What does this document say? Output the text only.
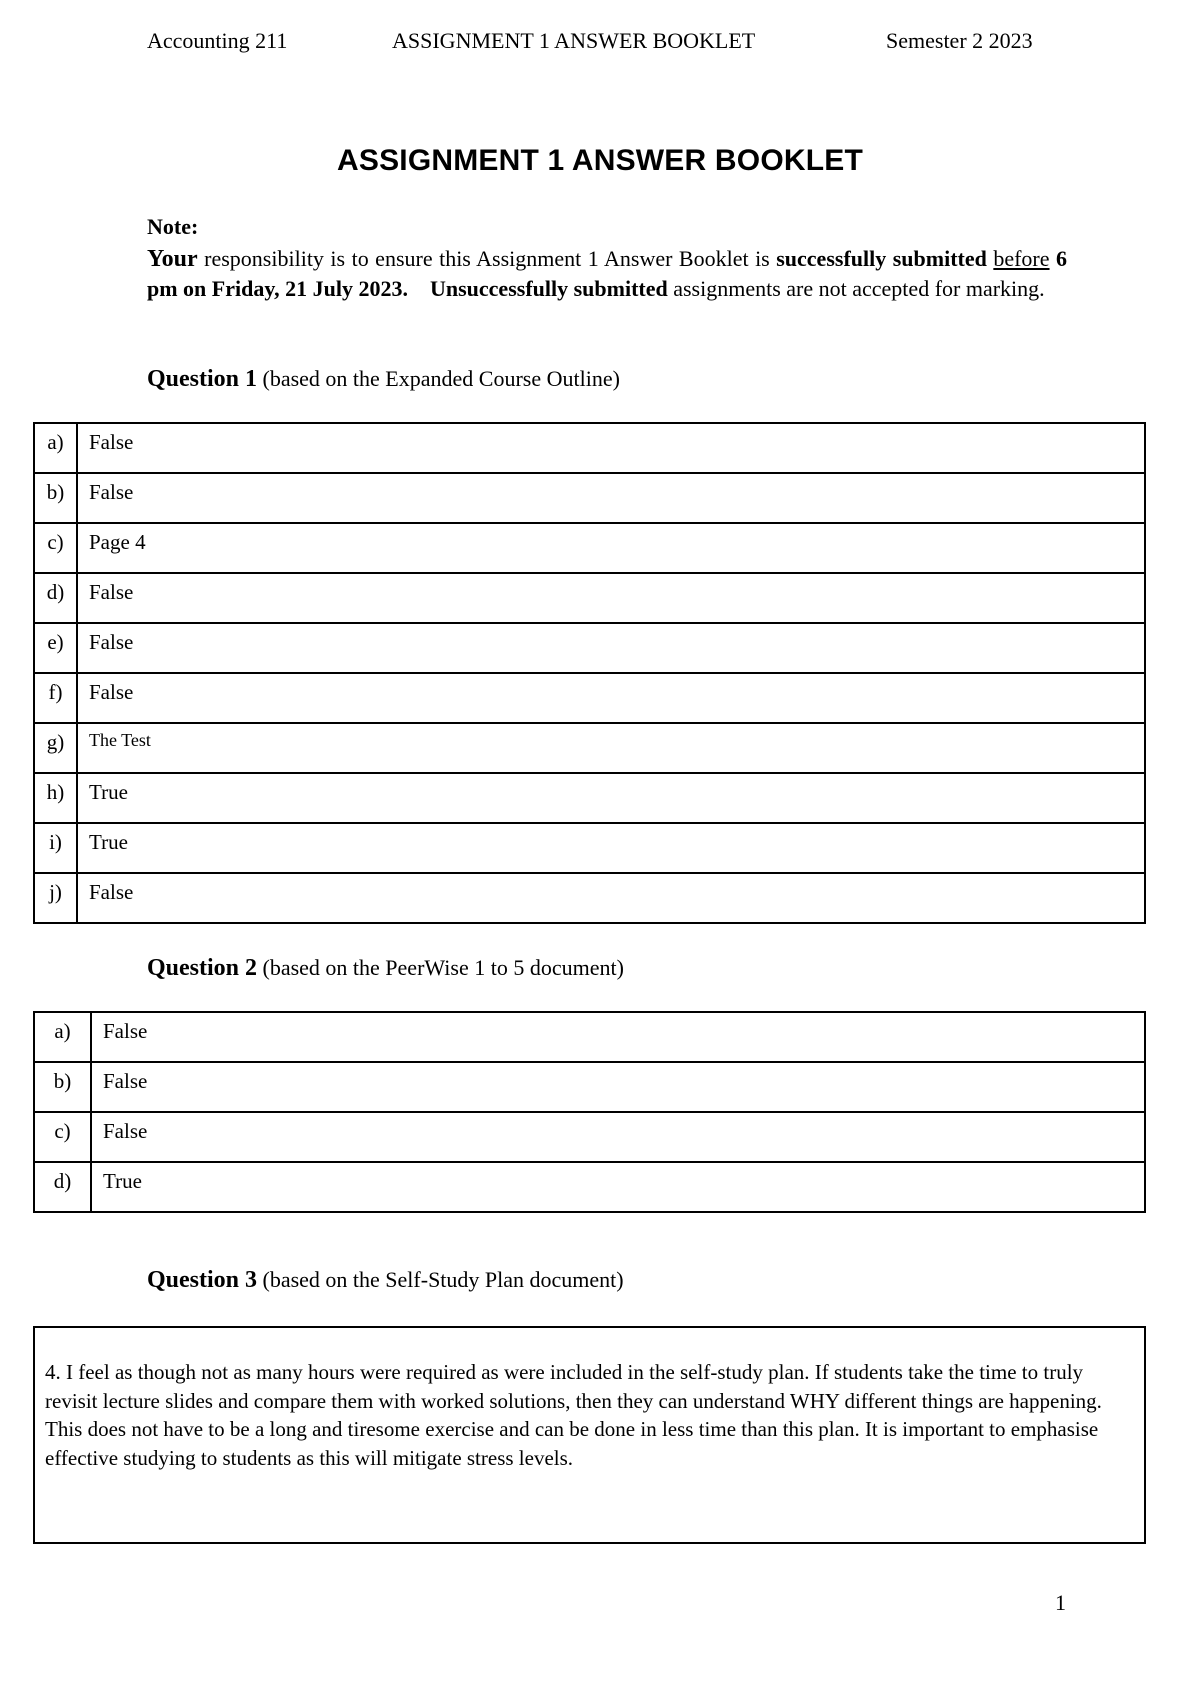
Accounting 211	ASSIGNMENT 1 ANSWER BOOKLET	Semester 2 2023
ASSIGNMENT 1 ANSWER BOOKLET
Note:
Your responsibility is to ensure this Assignment 1 Answer Booklet is successfully submitted before 6 pm on Friday, 21 July 2023. Unsuccessfully submitted assignments are not accepted for marking.
Question 1 (based on the Expanded Course Outline)
a)	False
b)	False
c)	Page 4
d)	False
e)	False
f)	False
g)	The Test
h)	True
i)	True
j)	False
Question 2 (based on the PeerWise 1 to 5 document)
a)	False
b)	False
c)	False
d)	True
Question 3 (based on the Self-Study Plan document)
4. I feel as though not as many hours were required as were included in the self-study plan. If students take the time to truly revisit lecture slides and compare them with worked solutions, then they can understand WHY different things are happening. This does not have to be a long and tiresome exercise and can be done in less time than this plan. It is important to emphasise effective studying to students as this will mitigate stress levels.
1
